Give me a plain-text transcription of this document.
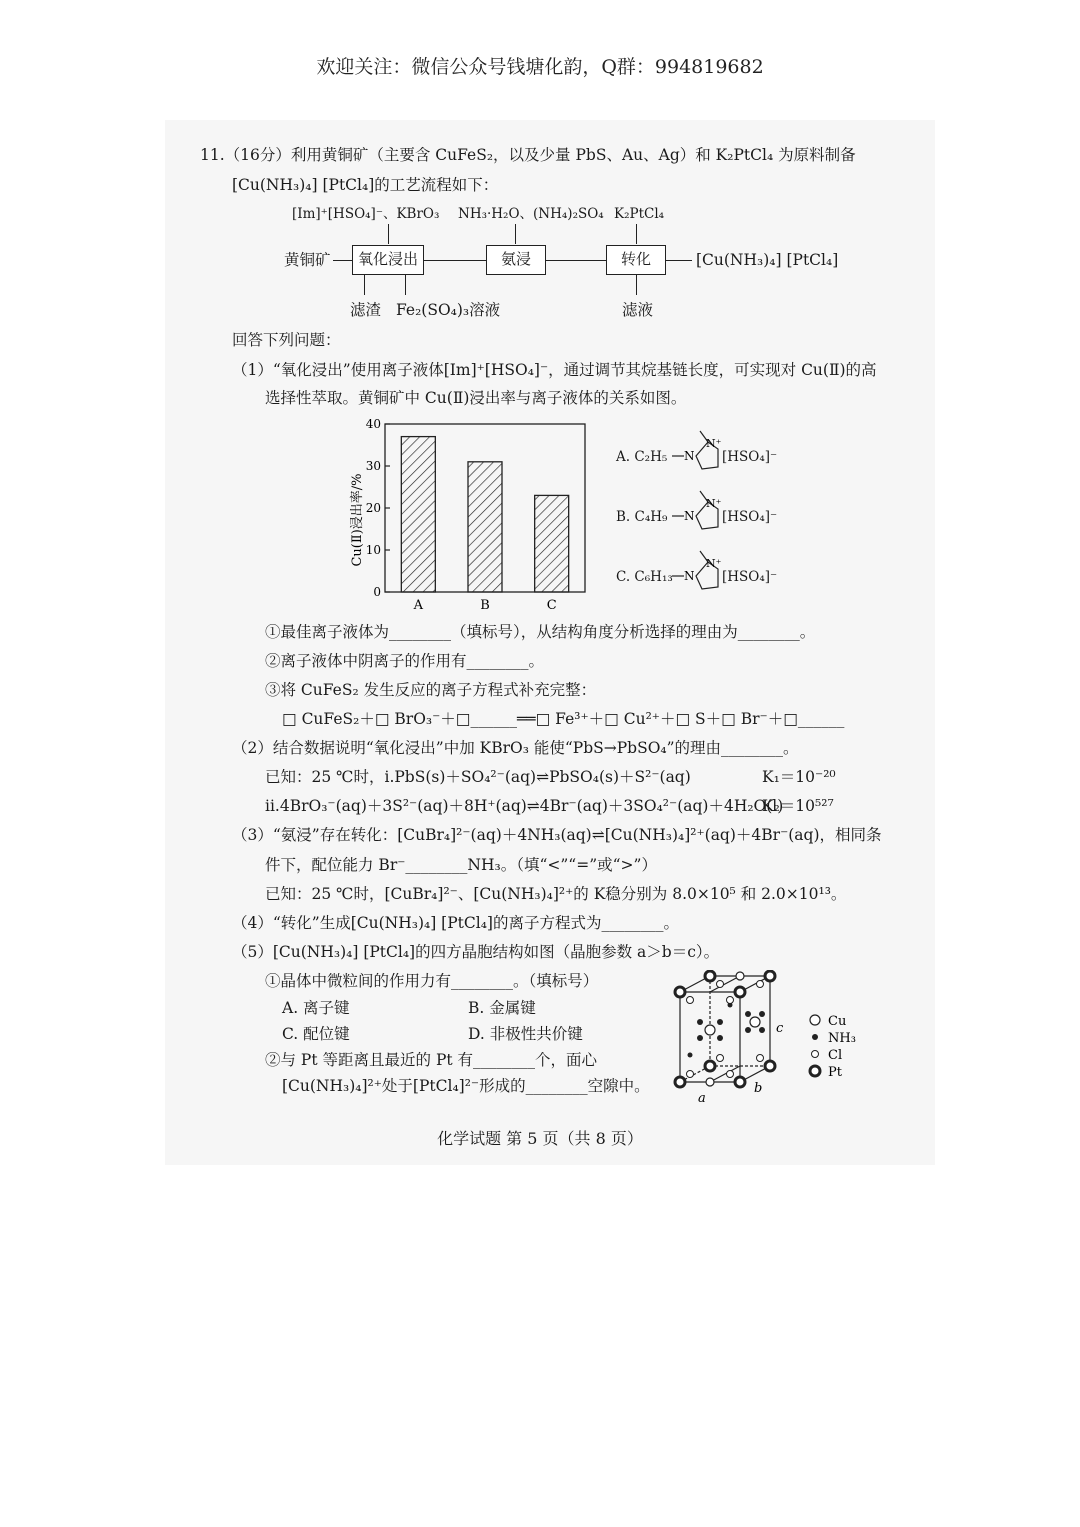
欢迎关注：微信公众号钱塘化韵，Q群：994819682
11.（16分）利用黄铜矿（主要含 CuFeS₂，以及少量 PbS、Au、Ag）和 K₂PtCl₄ 为原料制备
[Cu(NH₃)₄] [PtCl₄]的工艺流程如下：
[Im]⁺[HSO₄]⁻、KBrO₃ NH₃·H₂O、(NH₄)₂SO₄ K₂PtCl₄
黄铜矿	氧化浸出	氨浸	转化	[Cu(NH₃)₄] [PtCl₄]
滤渣 Fe₂(SO₄)₃溶液	滤液
回答下列问题：
（1）“氧化浸出”使用离子液体[Im]⁺[HSO₄]⁻，通过调节其烷基链长度，可实现对 Cu(Ⅱ)的高
选择性萃取。黄铜矿中 Cu(Ⅱ)浸出率与离子液体的关系如图。
Cu(Ⅱ)浸出率/%
0
10
20
30
40
A	B	C
A. C₂H₅
B. C₄H₉
C. C₆H₁₃
N
N⁺
N
N⁺
N
N⁺
[HSO₄]⁻
[HSO₄]⁻
[HSO₄]⁻
①最佳离子液体为________（填标号），从结构角度分析选择的理由为________。
②离子液体中阴离子的作用有________。
③将 CuFeS₂ 发生反应的离子方程式补充完整：
□ CuFeS₂＋□ BrO₃⁻＋□______══□ Fe³⁺＋□ Cu²⁺＋□ S＋□ Br⁻＋□______
（2）结合数据说明“氧化浸出”中加 KBrO₃ 能使“PbS→PbSO₄”的理由________。
已知：25 ℃时，i.PbS(s)＋SO₄²⁻(aq)⇌PbSO₄(s)＋S²⁻(aq)	K₁＝10⁻²⁰
ii.4BrO₃⁻(aq)＋3S²⁻(aq)＋8H⁺(aq)⇌4Br⁻(aq)＋3SO₄²⁻(aq)＋4H₂O(l)
K₂＝10⁵²⁷
（3）“氨浸”存在转化：[CuBr₄]²⁻(aq)＋4NH₃(aq)⇌[Cu(NH₃)₄]²⁺(aq)＋4Br⁻(aq)，相同条
件下，配位能力 Br⁻________NH₃。（填“<”“=”或“>”）
已知：25 ℃时，[CuBr₄]²⁻、[Cu(NH₃)₄]²⁺的 K稳分别为 8.0×10⁵ 和 2.0×10¹³。
（4）“转化”生成[Cu(NH₃)₄] [PtCl₄]的离子方程式为________。
（5）[Cu(NH₃)₄] [PtCl₄]的四方晶胞结构如图（晶胞参数 a＞b＝c）。
①晶体中微粒间的作用力有________。（填标号）
A. 离子键	B. 金属键
C. 配位键	D. 非极性共价键
②与 Pt 等距离且最近的 Pt 有________个，面心
[Cu(NH₃)₄]²⁺处于[PtCl₄]²⁻形成的________空隙中。
a
b
c	Cu
NH₃
Cl
Pt
化学试题 第 5 页（共 8 页）
